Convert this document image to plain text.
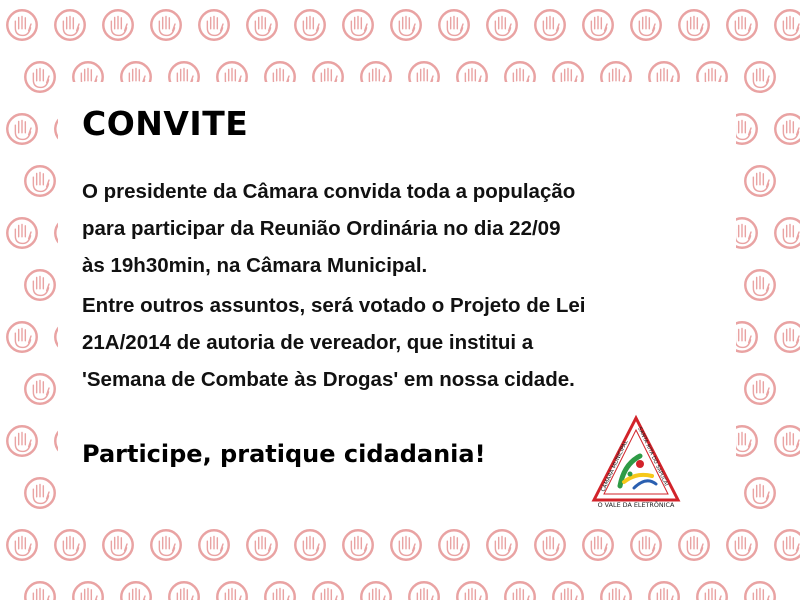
CONVITE

O presidente da Câmara convida toda a população
para participar da Reunião Ordinária no dia 22/09
às 19h30min, na Câmara Municipal.

Entre outros assuntos, será votado o Projeto de Lei
21A/2014 de autoria de vereador, que institui a
'Semana de Combate às Drogas' em nossa cidade.

Participe, pratique cidadania!

CÂMARA MUNICIPAL
SANTA RITA DO SAPUCAÍ
O VALE DA ELETRÔNICA
